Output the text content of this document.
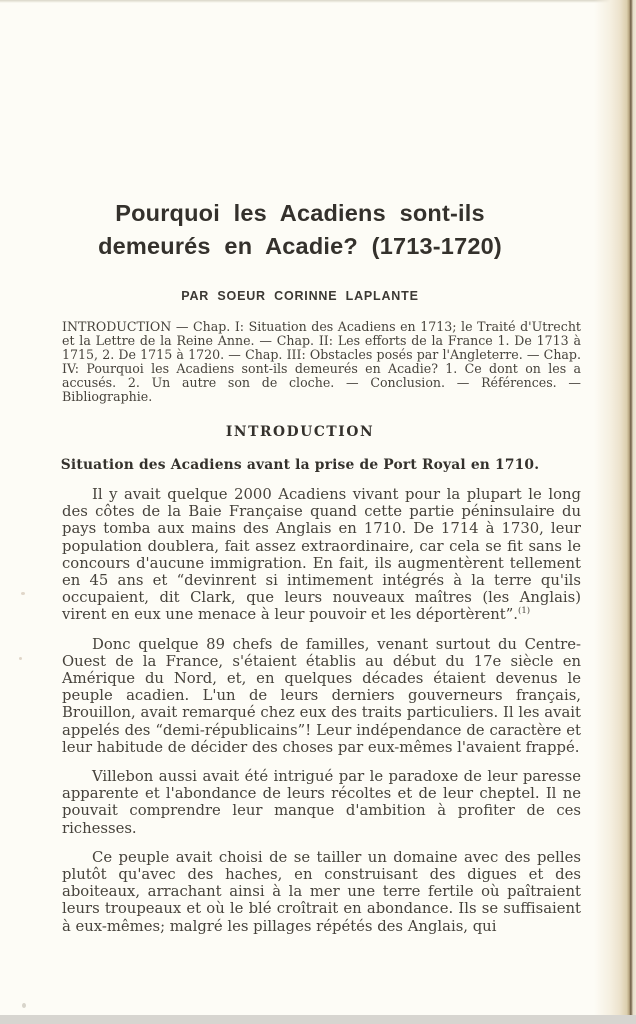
Pourquoi les Acadiens sont-ils
demeurés en Acadie? (1713-1720)
PAR SOEUR CORINNE LAPLANTE
INTRODUCTION — Chap. I: Situation des Acadiens en 1713; le Traité d'Utrecht et la Lettre de la Reine Anne. — Chap. II: Les efforts de la France 1. De 1713 à 1715, 2. De 1715 à 1720. — Chap. III: Obstacles posés par l'Angleterre. — Chap. IV: Pourquoi les Acadiens sont-ils demeurés en Acadie? 1. Ce dont on les a accusés. 2. Un autre son de cloche. — Conclusion. — Références. — Bibliographie.
INTRODUCTION
Situation des Acadiens avant la prise de Port Royal en 1710.

Il y avait quelque 2000 Acadiens vivant pour la plupart le long des côtes de la Baie Française quand cette partie péninsulaire du pays tomba aux mains des Anglais en 1710. De 1714 à 1730, leur population doublera, fait assez extraordinaire, car cela se fit sans le concours d'aucune immigration. En fait, ils augmentèrent tellement en 45 ans et “devinrent si intimement intégrés à la terre qu'ils occupaient, dit Clark, que leurs nouveaux maîtres (les Anglais) virent en eux une menace à leur pouvoir et les déportèrent”.$^{(1)}$

Donc quelque 89 chefs de familles, venant surtout du Centre-Ouest de la France, s'étaient établis au début du 17e siècle en Amérique du Nord, et, en quelques décades étaient devenus le peuple acadien. L'un de leurs derniers gouverneurs français, Brouillon, avait remarqué chez eux des traits particuliers. Il les avait appelés des “demi-républicains”! Leur indépendance de caractère et leur habitude de décider des choses par eux-mêmes l'avaient frappé.

Villebon aussi avait été intrigué par le paradoxe de leur paresse apparente et l'abondance de leurs récoltes et de leur cheptel. Il ne pouvait comprendre leur manque d'ambition à profiter de ces richesses.

Ce peuple avait choisi de se tailler un domaine avec des pelles plutôt qu'avec des haches, en construisant des digues et des aboiteaux, arrachant ainsi à la mer une terre fertile où paîtraient leurs troupeaux et où le blé croîtrait en abondance. Ils se suffisaient à eux-mêmes; malgré les pillages répétés des Anglais, qui
